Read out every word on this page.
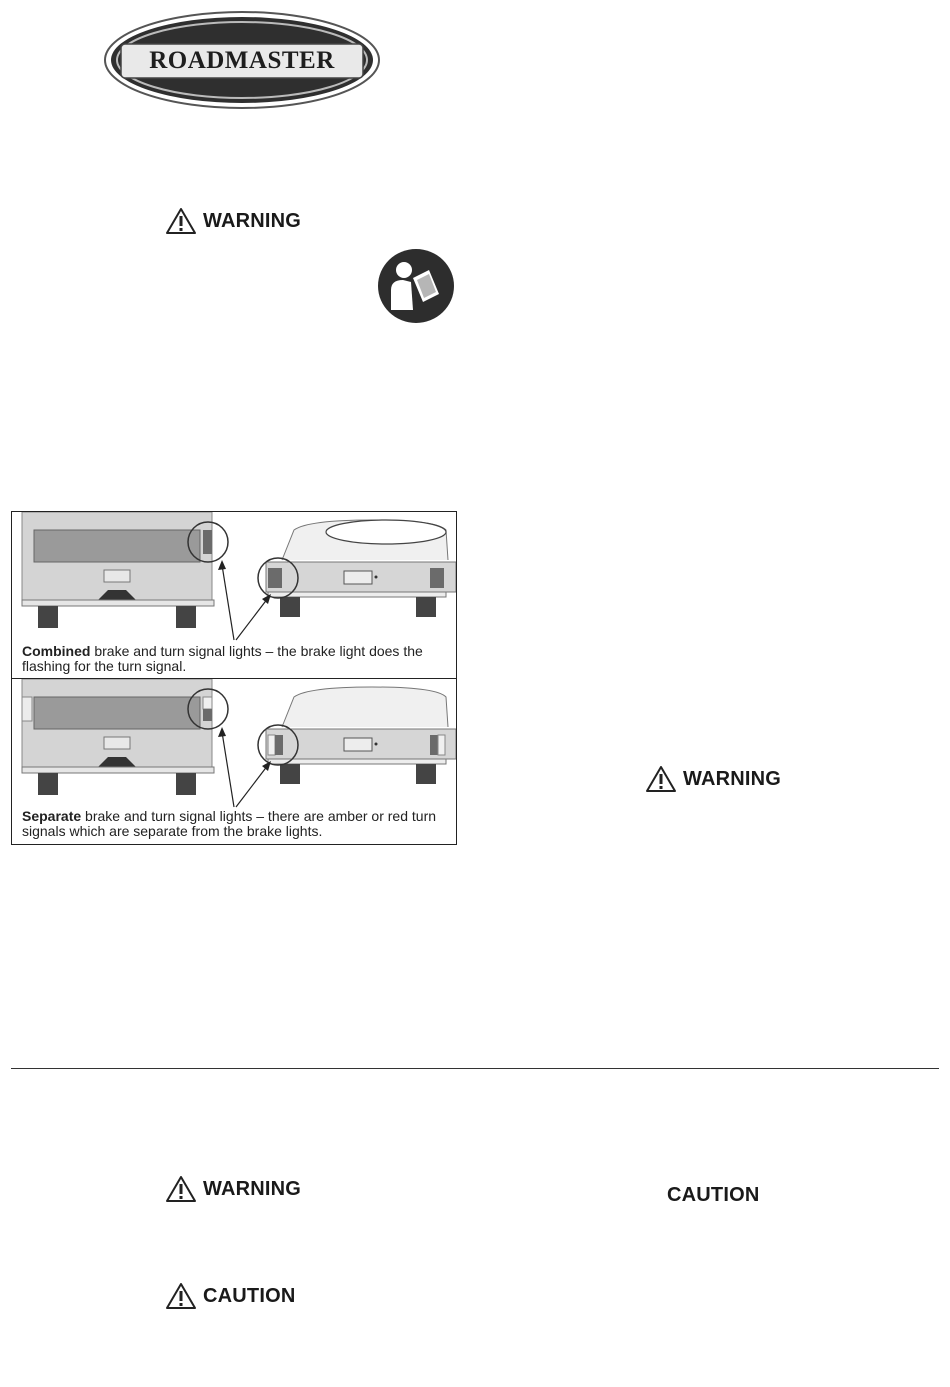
ROADMASTER
WARNING
Combined brake and turn signal lights – the brake light does the flashing for the turn signal.
Separate brake and turn signal lights – there are amber or red turn signals which are separate from the brake lights.
WARNING
WARNING	CAUTION
CAUTION
